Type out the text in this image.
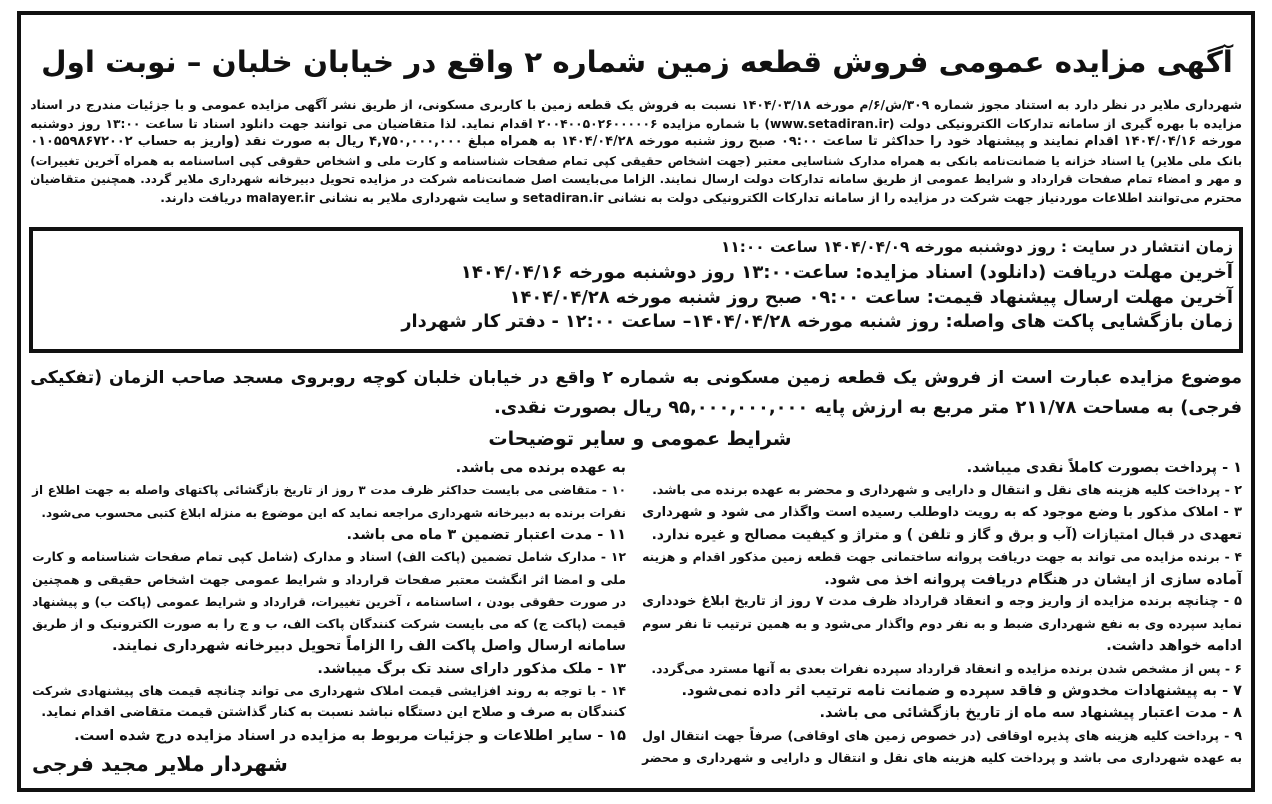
آگهی مزایده عمومی فروش قطعه زمین شماره ۲ واقع در خیابان خلبان – نوبت اول
شهرداری ملایر در نظر دارد به استناد مجوز شماره ۳۰۹/ش/۶/م مورخه ۱۴۰۴/۰۳/۱۸ نسبت به فروش یک قطعه زمین با کاربری مسکونی، از طریق نشر آگهی مزایده عمومی و با جزئیات مندرج در اسناد
مزایده با بهره گیری از سامانه تدارکات الکترونیکی دولت (www.setadiran.ir) با شماره مزایده ۲۰۰۴۰۰۵۰۲۶۰۰۰۰۰۶ اقدام نماید. لذا متقاضیان می توانند جهت دانلود اسناد تا ساعت ۱۳:۰۰ روز دوشنبه
مورخه ۱۴۰۴/۰۴/۱۶ اقدام نمایند و پیشنهاد خود را حداکثر تا ساعت ۰۹:۰۰ صبح روز شنبه مورخه ۱۴۰۴/۰۴/۲۸ به همراه مبلغ ۴,۷۵۰,۰۰۰,۰۰۰ ریال به صورت نقد (واریز به حساب ۰۱۰۵۵۹۸۶۷۲۰۰۲
بانک ملی ملایر) یا اسناد خزانه یا ضمانت‌نامه بانکی به همراه مدارک شناسایی معتبر (جهت اشخاص حقیقی کپی تمام صفحات شناسنامه و کارت ملی و اشخاص حقوقی کپی اساسنامه به همراه آخرین تغییرات)
و مهر و امضاء تمام صفحات قرارداد و شرایط عمومی از طریق سامانه تدارکات دولت ارسال نمایند. الزاما می‌بایست اصل ضمانت‌نامه شرکت در مزایده تحویل دبیرخانه شهرداری ملایر گردد. همچنین متقاضیان
محترم می‌توانند اطلاعات موردنیاز جهت شرکت در مزایده را از سامانه تدارکات الکترونیکی دولت به نشانی setadiran.ir و سایت شهرداری ملایر به نشانی malayer.ir دریافت دارند.
زمان انتشار در سایت : روز دوشنبه مورخه ۱۴۰۴/۰۴/۰۹ ساعت ۱۱:۰۰
آخرین مهلت دریافت (دانلود) اسناد مزایده: ساعت۱۳:۰۰ روز دوشنبه مورخه ۱۴۰۴/۰۴/۱۶
آخرین مهلت ارسال پیشنهاد قیمت: ساعت ۰۹:۰۰ صبح روز شنبه مورخه ۱۴۰۴/۰۴/۲۸
زمان بازگشایی پاکت های واصله: روز شنبه مورخه ۱۴۰۴/۰۴/۲۸– ساعت ۱۲:۰۰ - دفتر کار شهردار
موضوع مزایده عبارت است از فروش یک قطعه زمین مسکونی به شماره ۲ واقع در خیابان خلبان کوچه روبروی مسجد صاحب الزمان (تفکیکی
فرجی) به مساحت ۲۱۱/۷۸ متر مربع به ارزش پایه ۹۵,۰۰۰,۰۰۰,۰۰۰ ریال بصورت نقدی.
شرایط عمومی و سایر توضیحات
۱ - پرداخت بصورت کاملاً نقدی میباشد.
۲ - پرداخت کلیه هزینه های نقل و انتقال و دارایی و شهرداری و محضر به عهده برنده می باشد.
۳ - املاک مذکور با وضع موجود که به رویت داوطلب رسیده است واگذار می شود و شهرداری
تعهدی در قبال امتیازات (آب و برق و گاز و تلفن ) و متراژ و کیفیت مصالح و غیره ندارد.
۴ - برنده مزایده می تواند به جهت دریافت پروانه ساختمانی جهت قطعه زمین مذکور اقدام و هزینه
آماده سازی از ایشان در هنگام دریافت پروانه اخذ می شود.
۵ - چنانچه برنده مزایده از واریز وجه و انعقاد قرارداد ظرف مدت ۷ روز از تاریخ ابلاغ خودداری
نماید سپرده وی به نفع شهرداری ضبط و به نفر دوم واگذار می‌شود و به همین ترتیب تا نفر سوم
ادامه خواهد داشت.
۶ - پس از مشخص شدن برنده مزایده و انعقاد قرارداد سپرده نفرات بعدی به آنها مسترد می‌گردد.
۷ - به پیشنهادات مخدوش و فاقد سپرده و ضمانت نامه ترتیب اثر داده نمی‌شود.
۸ - مدت اعتبار پیشنهاد سه ماه از تاریخ بازگشائی می باشد.
۹ - پرداخت کلیه هزینه های پذیره اوقافی (در خصوص زمین های اوقافی) صرفاً جهت انتقال اول
به عهده شهرداری می باشد و پرداخت کلیه هزینه های نقل و انتقال و دارایی و شهرداری و محضر
به عهده برنده می باشد.
۱۰ - متقاضی می بایست حداکثر ظرف مدت ۳ روز از تاریخ بازگشائی پاکتهای واصله به جهت اطلاع از
نفرات برنده به دبیرخانه شهرداری مراجعه نماید که این موضوع به منزله ابلاغ کتبی محسوب می‌شود.
۱۱ - مدت اعتبار تضمین ۳ ماه می باشد.
۱۲ - مدارک شامل تضمین (پاکت الف) اسناد و مدارک (شامل کپی تمام صفحات شناسنامه و کارت
ملی و امضا اثر انگشت معتبر صفحات قرارداد و شرایط عمومی جهت اشخاص حقیقی و همچنین
در صورت حقوقی بودن ، اساسنامه ، آخرین تغییرات، قرارداد و شرایط عمومی (پاکت ب) و پیشنهاد
قیمت (پاکت ج) که می بایست شرکت کنندگان پاکت الف، ب و ج را به صورت الکترونیک و از طریق
سامانه ارسال واصل پاکت الف را الزاماً تحویل دبیرخانه شهرداری نمایند.
۱۳ - ملک مذکور دارای سند تک برگ میباشد.
۱۴ - با توجه به روند افزایشی قیمت املاک شهرداری می تواند چنانچه قیمت های پیشنهادی شرکت
کنندگان به صرف و صلاح این دستگاه نباشد نسبت به کنار گذاشتن قیمت متقاضی اقدام نماید.
۱۵ - سایر اطلاعات و جزئیات مربوط به مزایده در اسناد مزایده درج شده است.
شهردار ملایر مجید فرجی
